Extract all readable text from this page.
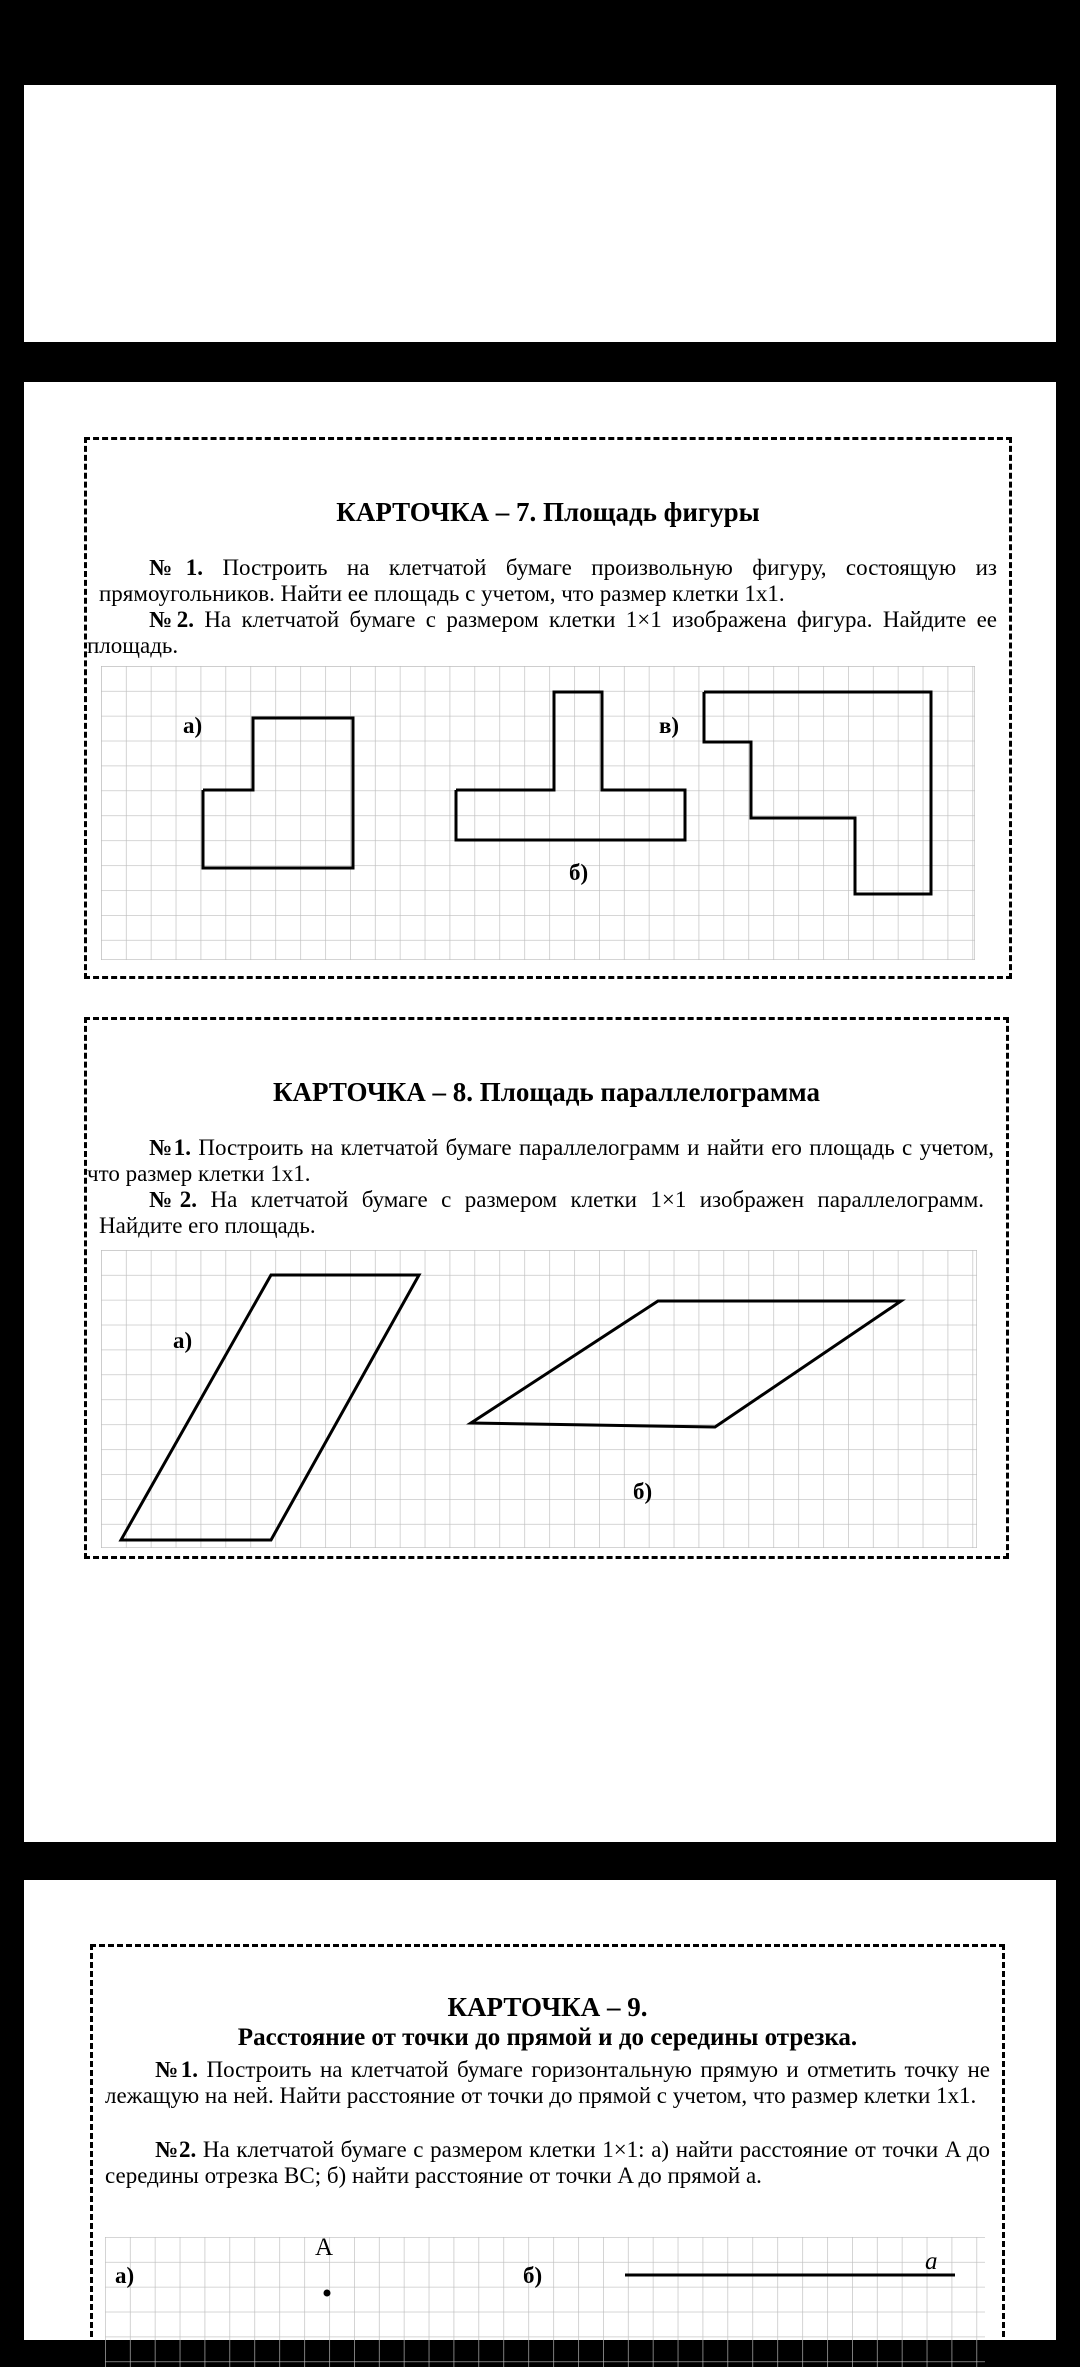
КАРТОЧКА – 7. Площадь фигуры
№1. Построить на клетчатой бумаге произвольную фигуру, состоящую из прямоугольников. Найти ее площадь с учетом, что размер клетки 1х1.
№2. На клетчатой бумаге с размером клетки 1×1 изображена фигура. Найдите ее площадь.
а)
б)
в)
КАРТОЧКА – 8. Площадь параллелограмма
№1. Построить на клетчатой бумаге параллелограмм и найти его площадь с учетом, что размер клетки 1х1.
№2. На клетчатой бумаге с размером клетки 1×1 изображен параллелограмм. Найдите его площадь.
а)
б)
КАРТОЧКА – 9.
Расстояние от точки до прямой и до середины отрезка.
№1. Построить на клетчатой бумаге горизонтальную прямую и отметить точку не лежащую на ней. Найти расстояние от точки до прямой с учетом, что размер клетки 1х1.
№2. На клетчатой бумаге с размером клетки 1×1: а) найти расстояние от точки A до середины отрезка BC; б) найти расстояние от точки A до прямой a.
A
a
а)	б)
